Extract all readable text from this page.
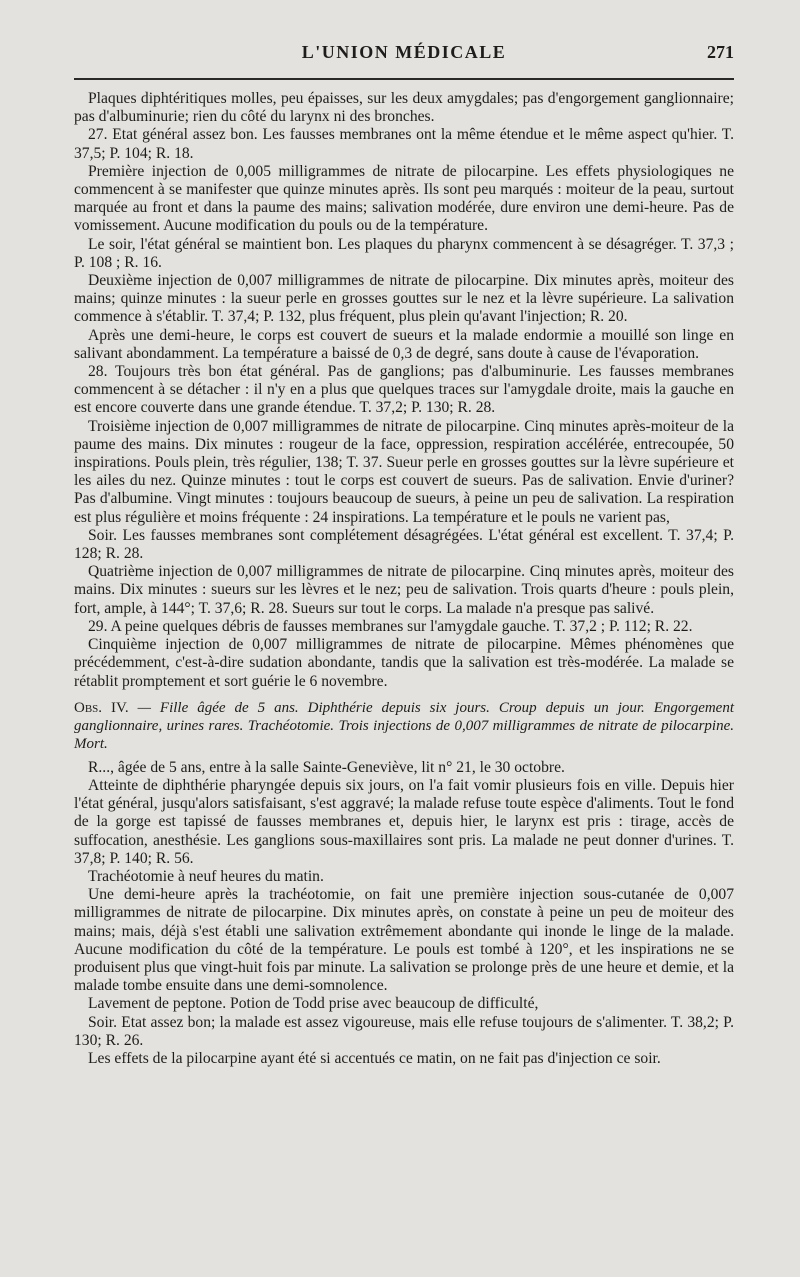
L'UNION MÉDICALE	271

Plaques diphtéritiques molles, peu épaisses, sur les deux amygdales; pas d'engorgement ganglionnaire; pas d'albuminurie; rien du côté du larynx ni des bronches.

27. Etat général assez bon. Les fausses membranes ont la même étendue et le même aspect qu'hier. T. 37,5; P. 104; R. 18.

Première injection de 0,005 milligrammes de nitrate de pilocarpine. Les effets physiologiques ne commencent à se manifester que quinze minutes après. Ils sont peu marqués : moiteur de la peau, surtout marquée au front et dans la paume des mains; salivation modérée, dure environ une demi-heure. Pas de vomissement. Aucune modification du pouls ou de la température.

Le soir, l'état général se maintient bon. Les plaques du pharynx commencent à se désagréger. T. 37,3 ; P. 108 ; R. 16.

Deuxième injection de 0,007 milligrammes de nitrate de pilocarpine. Dix minutes après, moiteur des mains; quinze minutes : la sueur perle en grosses gouttes sur le nez et la lèvre supérieure. La salivation commence à s'établir. T. 37,4; P. 132, plus fréquent, plus plein qu'avant l'injection; R. 20.

Après une demi-heure, le corps est couvert de sueurs et la malade endormie a mouillé son linge en salivant abondamment. La température a baissé de 0,3 de degré, sans doute à cause de l'évaporation.

28. Toujours très bon état général. Pas de ganglions; pas d'albuminurie. Les fausses membranes commencent à se détacher : il n'y en a plus que quelques traces sur l'amygdale droite, mais la gauche en est encore couverte dans une grande étendue. T. 37,2; P. 130; R. 28.

Troisième injection de 0,007 milligrammes de nitrate de pilocarpine. Cinq minutes après-moiteur de la paume des mains. Dix minutes : rougeur de la face, oppression, respiration accélérée, entrecoupée, 50 inspirations. Pouls plein, très régulier, 138; T. 37. Sueur perle en grosses gouttes sur la lèvre supérieure et les ailes du nez. Quinze minutes : tout le corps est couvert de sueurs. Pas de salivation. Envie d'uriner? Pas d'albumine. Vingt minutes : toujours beaucoup de sueurs, à peine un peu de salivation. La respiration est plus régulière et moins fréquente : 24 inspirations. La température et le pouls ne varient pas,

Soir. Les fausses membranes sont complétement désagrégées. L'état général est excellent. T. 37,4; P. 128; R. 28.

Quatrième injection de 0,007 milligrammes de nitrate de pilocarpine. Cinq minutes après, moiteur des mains. Dix minutes : sueurs sur les lèvres et le nez; peu de salivation. Trois quarts d'heure : pouls plein, fort, ample, à 144°; T. 37,6; R. 28. Sueurs sur tout le corps. La malade n'a presque pas salivé.

29. A peine quelques débris de fausses membranes sur l'amygdale gauche. T. 37,2 ; P. 112; R. 22.

Cinquième injection de 0,007 milligrammes de nitrate de pilocarpine. Mêmes phénomènes que précédemment, c'est-à-dire sudation abondante, tandis que la salivation est très-modérée. La malade se rétablit promptement et sort guérie le 6 novembre.

Obs. IV. — Fille âgée de 5 ans. Diphthérie depuis six jours. Croup depuis un jour. Engorgement ganglionnaire, urines rares. Trachéotomie. Trois injections de 0,007 milligrammes de nitrate de pilocarpine. Mort.

R..., âgée de 5 ans, entre à la salle Sainte-Geneviève, lit n° 21, le 30 octobre.

Atteinte de diphthérie pharyngée depuis six jours, on l'a fait vomir plusieurs fois en ville. Depuis hier l'état général, jusqu'alors satisfaisant, s'est aggravé; la malade refuse toute espèce d'aliments. Tout le fond de la gorge est tapissé de fausses membranes et, depuis hier, le larynx est pris : tirage, accès de suffocation, anesthésie. Les ganglions sous-maxillaires sont pris. La malade ne peut donner d'urines. T. 37,8; P. 140; R. 56.

Trachéotomie à neuf heures du matin.

Une demi-heure après la trachéotomie, on fait une première injection sous-cutanée de 0,007 milligrammes de nitrate de pilocarpine. Dix minutes après, on constate à peine un peu de moiteur des mains; mais, déjà s'est établi une salivation extrêmement abondante qui inonde le linge de la malade. Aucune modification du côté de la température. Le pouls est tombé à 120°, et les inspirations ne se produisent plus que vingt-huit fois par minute. La salivation se prolonge près de une heure et demie, et la malade tombe ensuite dans une demi-somnolence.

Lavement de peptone. Potion de Todd prise avec beaucoup de difficulté,

Soir. Etat assez bon; la malade est assez vigoureuse, mais elle refuse toujours de s'alimenter. T. 38,2; P. 130; R. 26.

Les effets de la pilocarpine ayant été si accentués ce matin, on ne fait pas d'injection ce soir.
